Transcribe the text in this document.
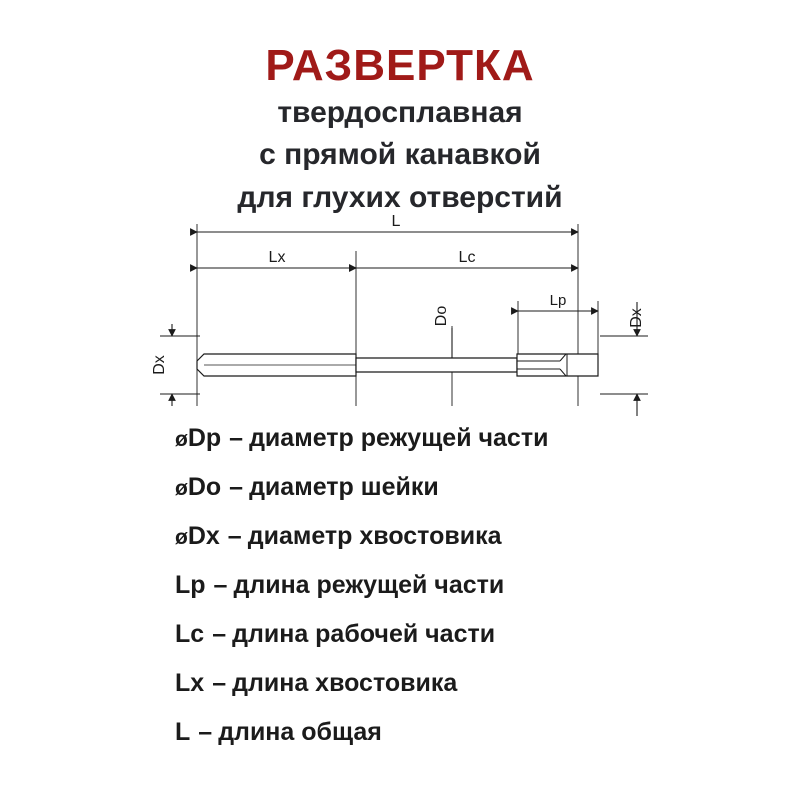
РАЗВЕРТКА
твердосплавная
с прямой канавкой
для глухих отверстий
L
Lx	Lc
Lp
Do
Dx
Dx
øDp – диаметр режущей части
øDo – диаметр шейки
øDx – диаметр хвостовика
Lp – длина режущей части
Lc – длина рабочей части
Lx – длина хвостовика
L – длина общая
